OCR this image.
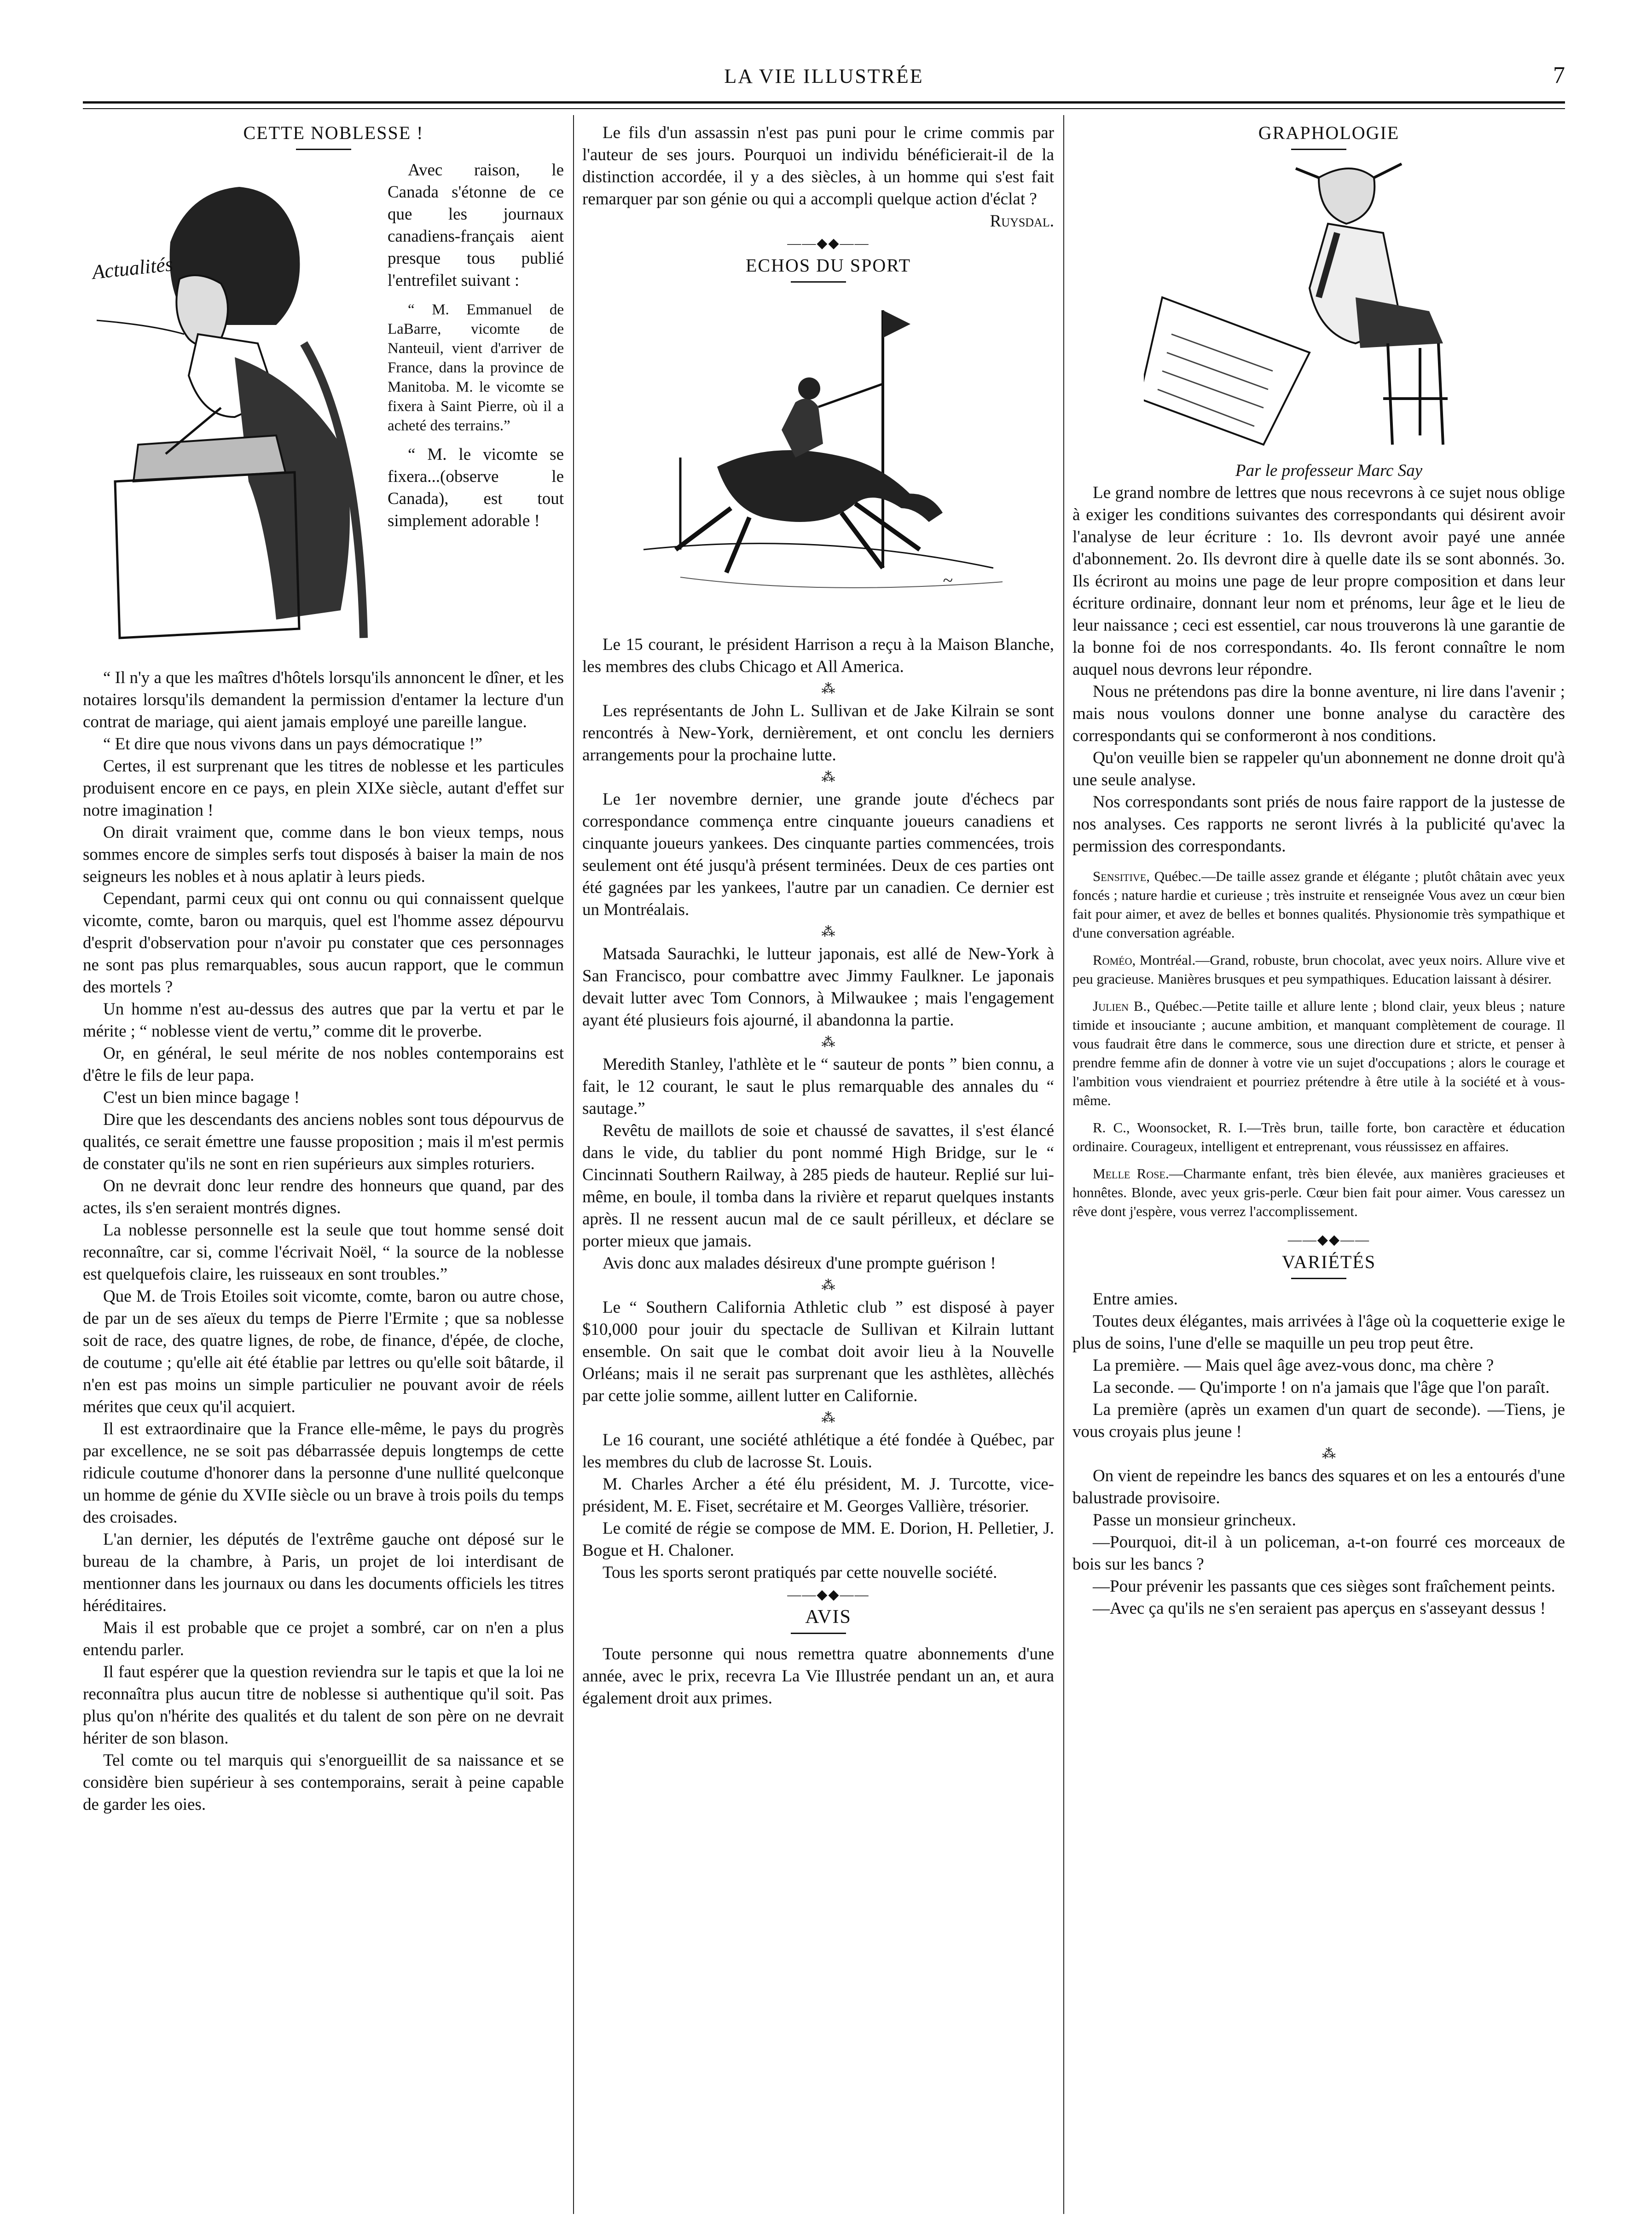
LA VIE ILLUSTRÉE	7

CETTE NOBLESSE !

Actualités

Avec raison, le Canada s'étonne de ce que les journaux canadiens-français aient presque tous publié l'entrefilet suivant :

“ M. Emmanuel de LaBarre, vicomte de Nanteuil, vient d'arriver de France, dans la province de Manitoba. M. le vicomte se fixera à Saint Pierre, où il a acheté des terrains.”

“ M. le vicomte se fixera...(observe le Canada), est tout simplement adorable !

“ Il n'y a que les maîtres d'hôtels lorsqu'ils annoncent le dîner, et les notaires lorsqu'ils demandent la permission d'entamer la lecture d'un contrat de mariage, qui aient jamais employé une pareille langue.

“ Et dire que nous vivons dans un pays démocratique !”

Certes, il est surprenant que les titres de noblesse et les particules produisent encore en ce pays, en plein XIXe siècle, autant d'effet sur notre imagination !

On dirait vraiment que, comme dans le bon vieux temps, nous sommes encore de simples serfs tout disposés à baiser la main de nos seigneurs les nobles et à nous aplatir à leurs pieds.

Cependant, parmi ceux qui ont connu ou qui connaissent quelque vicomte, comte, baron ou marquis, quel est l'homme assez dépourvu d'esprit d'observation pour n'avoir pu constater que ces personnages ne sont pas plus remarquables, sous aucun rapport, que le commun des mortels ?

Un homme n'est au-dessus des autres que par la vertu et par le mérite ; “ noblesse vient de vertu,” comme dit le proverbe.

Or, en général, le seul mérite de nos nobles contemporains est d'être le fils de leur papa.

C'est un bien mince bagage !

Dire que les descendants des anciens nobles sont tous dépourvus de qualités, ce serait émettre une fausse proposition ; mais il m'est permis de constater qu'ils ne sont en rien supérieurs aux simples roturiers.

On ne devrait donc leur rendre des honneurs que quand, par des actes, ils s'en seraient montrés dignes.

La noblesse personnelle est la seule que tout homme sensé doit reconnaître, car si, comme l'écrivait Noël, “ la source de la noblesse est quelquefois claire, les ruisseaux en sont troubles.”

Que M. de Trois Etoiles soit vicomte, comte, baron ou autre chose, de par un de ses aïeux du temps de Pierre l'Ermite ; que sa noblesse soit de race, des quatre lignes, de robe, de finance, d'épée, de cloche, de coutume ; qu'elle ait été établie par lettres ou qu'elle soit bâtarde, il n'en est pas moins un simple particulier ne pouvant avoir de réels mérites que ceux qu'il acquiert.

Il est extraordinaire que la France elle-même, le pays du progrès par excellence, ne se soit pas débarrassée depuis longtemps de cette ridicule coutume d'honorer dans la personne d'une nullité quelconque un homme de génie du XVIIe siècle ou un brave à trois poils du temps des croisades.

L'an dernier, les députés de l'extrême gauche ont déposé sur le bureau de la chambre, à Paris, un projet de loi interdisant de mentionner dans les journaux ou dans les documents officiels les titres héréditaires.

Mais il est probable que ce projet a sombré, car on n'en a plus entendu parler.

Il faut espérer que la question reviendra sur le tapis et que la loi ne reconnaîtra plus aucun titre de noblesse si authentique qu'il soit. Pas plus qu'on n'hérite des qualités et du talent de son père on ne devrait hériter de son blason.

Tel comte ou tel marquis qui s'enorgueillit de sa naissance et se considère bien supérieur à ses contemporains, serait à peine capable de garder les oies.

Le fils d'un assassin n'est pas puni pour le crime commis par l'auteur de ses jours. Pourquoi un individu bénéficierait-il de la distinction accordée, il y a des siècles, à un homme qui s'est fait remarquer par son génie ou qui a accompli quelque action d'éclat ?

Ruysdal.

——◆◆——

ECHOS DU SPORT

~

Le 15 courant, le président Harrison a reçu à la Maison Blanche, les membres des clubs Chicago et All America.

⁂

Les représentants de John L. Sullivan et de Jake Kilrain se sont rencontrés à New-York, dernièrement, et ont conclu les derniers arrangements pour la prochaine lutte.

⁂

Le 1er novembre dernier, une grande joute d'échecs par correspondance commença entre cinquante joueurs canadiens et cinquante joueurs yankees. Des cinquante parties commencées, trois seulement ont été jusqu'à présent terminées. Deux de ces parties ont été gagnées par les yankees, l'autre par un canadien. Ce dernier est un Montréalais.

⁂

Matsada Saurachki, le lutteur japonais, est allé de New-York à San Francisco, pour combattre avec Jimmy Faulkner. Le japonais devait lutter avec Tom Connors, à Milwaukee ; mais l'engagement ayant été plusieurs fois ajourné, il abandonna la partie.

⁂

Meredith Stanley, l'athlète et le “ sauteur de ponts ” bien connu, a fait, le 12 courant, le saut le plus remarquable des annales du “ sautage.”

Revêtu de maillots de soie et chaussé de savattes, il s'est élancé dans le vide, du tablier du pont nommé High Bridge, sur le “ Cincinnati Southern Railway, à 285 pieds de hauteur. Replié sur lui-même, en boule, il tomba dans la rivière et reparut quelques instants après. Il ne ressent aucun mal de ce sault périlleux, et déclare se porter mieux que jamais.

Avis donc aux malades désireux d'une prompte guérison !

⁂

Le “ Southern California Athletic club ” est disposé à payer $10,000 pour jouir du spectacle de Sullivan et Kilrain luttant ensemble. On sait que le combat doit avoir lieu à la Nouvelle Orléans; mais il ne serait pas surprenant que les asthlètes, allèchés par cette jolie somme, aillent lutter en Californie.

⁂

Le 16 courant, une société athlétique a été fondée à Québec, par les membres du club de lacrosse St. Louis.

M. Charles Archer a été élu président, M. J. Turcotte, vice-président, M. E. Fiset, secrétaire et M. Georges Vallière, trésorier.

Le comité de régie se compose de MM. E. Dorion, H. Pelletier, J. Bogue et H. Chaloner.

Tous les sports seront pratiqués par cette nouvelle société.

——◆◆——

AVIS

Toute personne qui nous remettra quatre abonnements d'une année, avec le prix, recevra La Vie Illustrée pendant un an, et aura également droit aux primes.

GRAPHOLOGIE

Par le professeur Marc Say

Le grand nombre de lettres que nous recevrons à ce sujet nous oblige à exiger les conditions suivantes des correspondants qui désirent avoir l'analyse de leur écriture : 1o. Ils devront avoir payé une année d'abonnement. 2o. Ils devront dire à quelle date ils se sont abonnés. 3o. Ils écriront au moins une page de leur propre composition et dans leur écriture ordinaire, donnant leur nom et prénoms, leur âge et le lieu de leur naissance ; ceci est essentiel, car nous trouverons là une garantie de la bonne foi de nos correspondants. 4o. Ils feront connaître le nom auquel nous devrons leur répondre.

Nous ne prétendons pas dire la bonne aventure, ni lire dans l'avenir ; mais nous voulons donner une bonne analyse du caractère des correspondants qui se conformeront à nos conditions.

Qu'on veuille bien se rappeler qu'un abonnement ne donne droit qu'à une seule analyse.

Nos correspondants sont priés de nous faire rapport de la justesse de nos analyses. Ces rapports ne seront livrés à la publicité qu'avec la permission des correspondants.

Sensitive, Québec.—De taille assez grande et élégante ; plutôt châtain avec yeux foncés ; nature hardie et curieuse ; très instruite et renseignée Vous avez un cœur bien fait pour aimer, et avez de belles et bonnes qualités. Physionomie très sympathique et d'une conversation agréable.

Roméo, Montréal.—Grand, robuste, brun chocolat, avec yeux noirs. Allure vive et peu gracieuse. Manières brusques et peu sympathiques. Education laissant à désirer.

Julien B., Québec.—Petite taille et allure lente ; blond clair, yeux bleus ; nature timide et insouciante ; aucune ambition, et manquant complètement de courage. Il vous faudrait être dans le commerce, sous une direction dure et stricte, et penser à prendre femme afin de donner à votre vie un sujet d'occupations ; alors le courage et l'ambition vous viendraient et pourriez prétendre à être utile à la société et à vous-même.

R. C., Woonsocket, R. I.—Très brun, taille forte, bon caractère et éducation ordinaire. Courageux, intelligent et entreprenant, vous réussissez en affaires.

Melle Rose.—Charmante enfant, très bien élevée, aux manières gracieuses et honnêtes. Blonde, avec yeux gris-perle. Cœur bien fait pour aimer. Vous caressez un rêve dont j'espère, vous verrez l'accomplissement.

——◆◆——

VARIÉTÉS

Entre amies.

Toutes deux élégantes, mais arrivées à l'âge où la coquetterie exige le plus de soins, l'une d'elle se maquille un peu trop peut être.

La première. — Mais quel âge avez-vous donc, ma chère ?

La seconde. — Qu'importe ! on n'a jamais que l'âge que l'on paraît.

La première (après un examen d'un quart de seconde). —Tiens, je vous croyais plus jeune !

⁂

On vient de repeindre les bancs des squares et on les a entourés d'une balustrade provisoire.

Passe un monsieur grincheux.

—Pourquoi, dit-il à un policeman, a-t-on fourré ces morceaux de bois sur les bancs ?

—Pour prévenir les passants que ces sièges sont fraîchement peints.

—Avec ça qu'ils ne s'en seraient pas aperçus en s'asseyant dessus !
